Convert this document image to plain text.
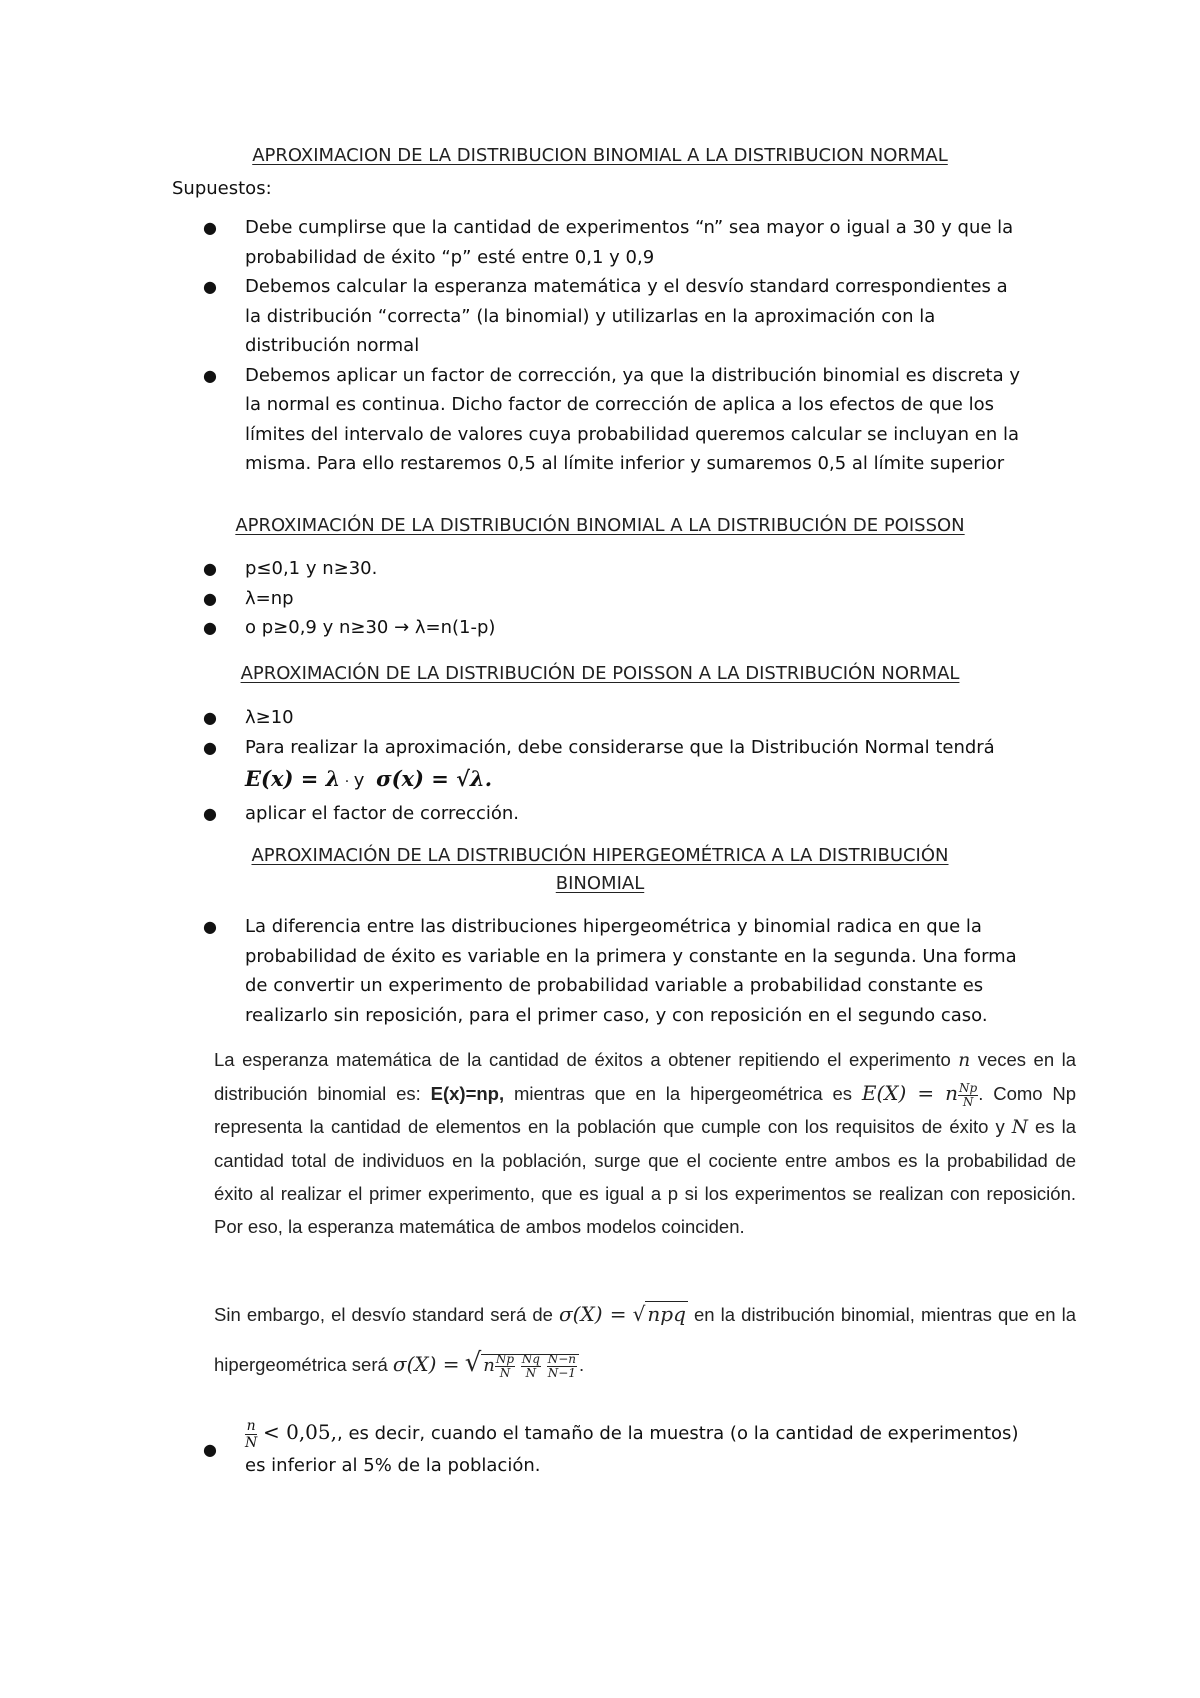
APROXIMACION DE LA DISTRIBUCION BINOMIAL A LA DISTRIBUCION NORMAL
Supuestos:
● Debe cumplirse que la cantidad de experimentos “n” sea mayor o igual a 30 y que la probabilidad de éxito “p” esté entre 0,1 y 0,9
● Debemos calcular la esperanza matemática y el desvío standard correspondientes a la distribución “correcta” (la binomial) y utilizarlas en la aproximación con la distribución normal
● Debemos aplicar un factor de corrección, ya que la distribución binomial es discreta y la normal es continua. Dicho factor de corrección de aplica a los efectos de que los límites del intervalo de valores cuya probabilidad queremos calcular se incluyan en la misma. Para ello restaremos 0,5 al límite inferior y sumaremos 0,5 al límite superior
APROXIMACIÓN DE LA DISTRIBUCIÓN BINOMIAL A LA DISTRIBUCIÓN DE POISSON
● p≤0,1 y n≥30.
● λ=np
● o p≥0,9 y n≥30 → λ=n(1-p)
APROXIMACIÓN DE LA DISTRIBUCIÓN DE POISSON A LA DISTRIBUCIÓN NORMAL
● λ≥10
● Para realizar la aproximación, debe considerarse que la Distribución Normal tendrá
E(x) = λ · y σ(x) = √λ.
● aplicar el factor de corrección.
APROXIMACIÓN DE LA DISTRIBUCIÓN HIPERGEOMÉTRICA A LA DISTRIBUCIÓN
BINOMIAL
● La diferencia entre las distribuciones hipergeométrica y binomial radica en que la probabilidad de éxito es variable en la primera y constante en la segunda. Una forma de convertir un experimento de probabilidad variable a probabilidad constante es realizarlo sin reposición, para el primer caso, y con reposición en el segundo caso.
La esperanza matemática de la cantidad de éxitos a obtener repitiendo el experimento n veces en la distribución binomial es: E(x)=np, mientras que en la hipergeométrica es E(X) = n $\frac{Np}{N}$ . Como Np representa la cantidad de elementos en la población que cumple con los requisitos de éxito y N es la cantidad total de individuos en la población, surge que el cociente entre ambos es la probabilidad de éxito al realizar el primer experimento, que es igual a p si los experimentos se realizan con reposición. Por eso, la esperanza matemática de ambos modelos coinciden.
Sin embargo, el desvío standard será de σ(X) = √ npq en la distribución binomial, mientras que en la hipergeométrica será σ(X) = √ n $\frac{Np}{N}$
$\frac{Nq}{N}$
$\frac{N-n}{N-1}$ .
● $\frac{n}{N} < 0,05$,, es decir, cuando el tamaño de la muestra (o la cantidad de experimentos) es inferior al 5% de la población.
